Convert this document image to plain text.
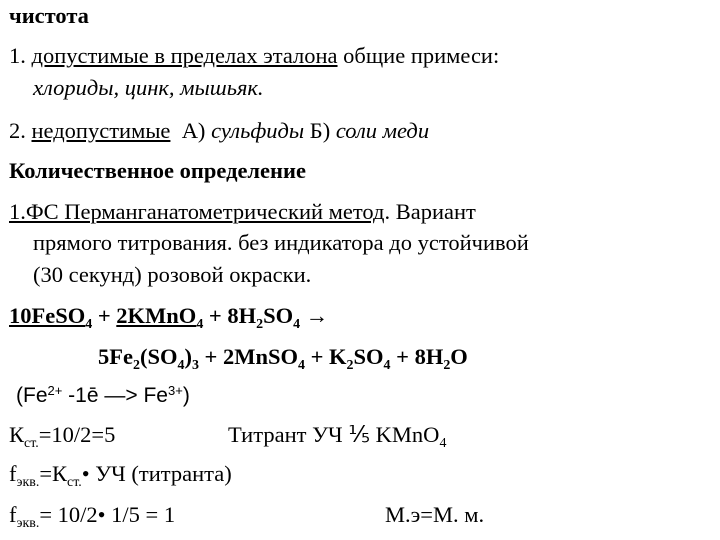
чистота
1. допустимые в пределах эталона общие примеси:
хлориды, цинк, мышьяк.
2. недопустимые А) сульфиды Б) соли меди
Количественное определение
1.ФС Перманганатометрический метод. Вариант
прямого титрования. без индикатора до устойчивой
(30 секунд) розовой окраски.
10FeSO$_4$ + 2KMnO$_4$ + $8H_2SO_4$ →
$5Fe_2(SO_4)_3$ + 2MnSO$_4$ + $K_2SO_4 + 8H_2O$
($Fe^{2+}$ -1ē —> $Fe^{3+}$)
$К_{ст.}=10/2=5$	Титрант УЧ ⅕ KMnO$_4$
$f_{экв.}=К_{ст.}•$ УЧ (титранта)
$f_{экв.}=$ 10/2• 1/5 = 1	М.э=М. м.
